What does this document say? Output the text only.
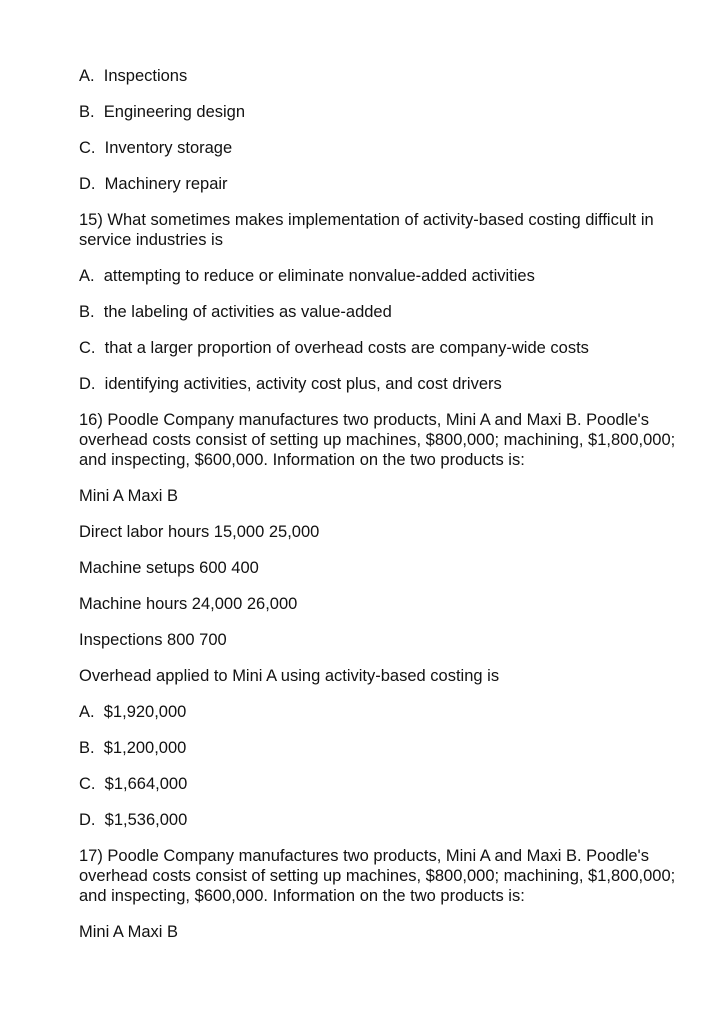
A.  Inspections

B.  Engineering design

C.  Inventory storage

D.  Machinery repair

15) What sometimes makes implementation of activity-based costing difficult in service industries is

A.  attempting to reduce or eliminate nonvalue-added activities

B.  the labeling of activities as value-added

C.  that a larger proportion of overhead costs are company-wide costs

D.  identifying activities, activity cost plus, and cost drivers

16) Poodle Company manufactures two products, Mini A and Maxi B. Poodle's overhead costs consist of setting up machines, $800,000; machining, $1,800,000; and inspecting, $600,000. Information on the two products is:

Mini A Maxi B

Direct labor hours 15,000 25,000

Machine setups 600 400

Machine hours 24,000 26,000

Inspections 800 700

Overhead applied to Mini A using activity-based costing is

A.  $1,920,000

B.  $1,200,000

C.  $1,664,000

D.  $1,536,000

17) Poodle Company manufactures two products, Mini A and Maxi B. Poodle's overhead costs consist of setting up machines, $800,000; machining, $1,800,000; and inspecting, $600,000. Information on the two products is:

Mini A Maxi B
